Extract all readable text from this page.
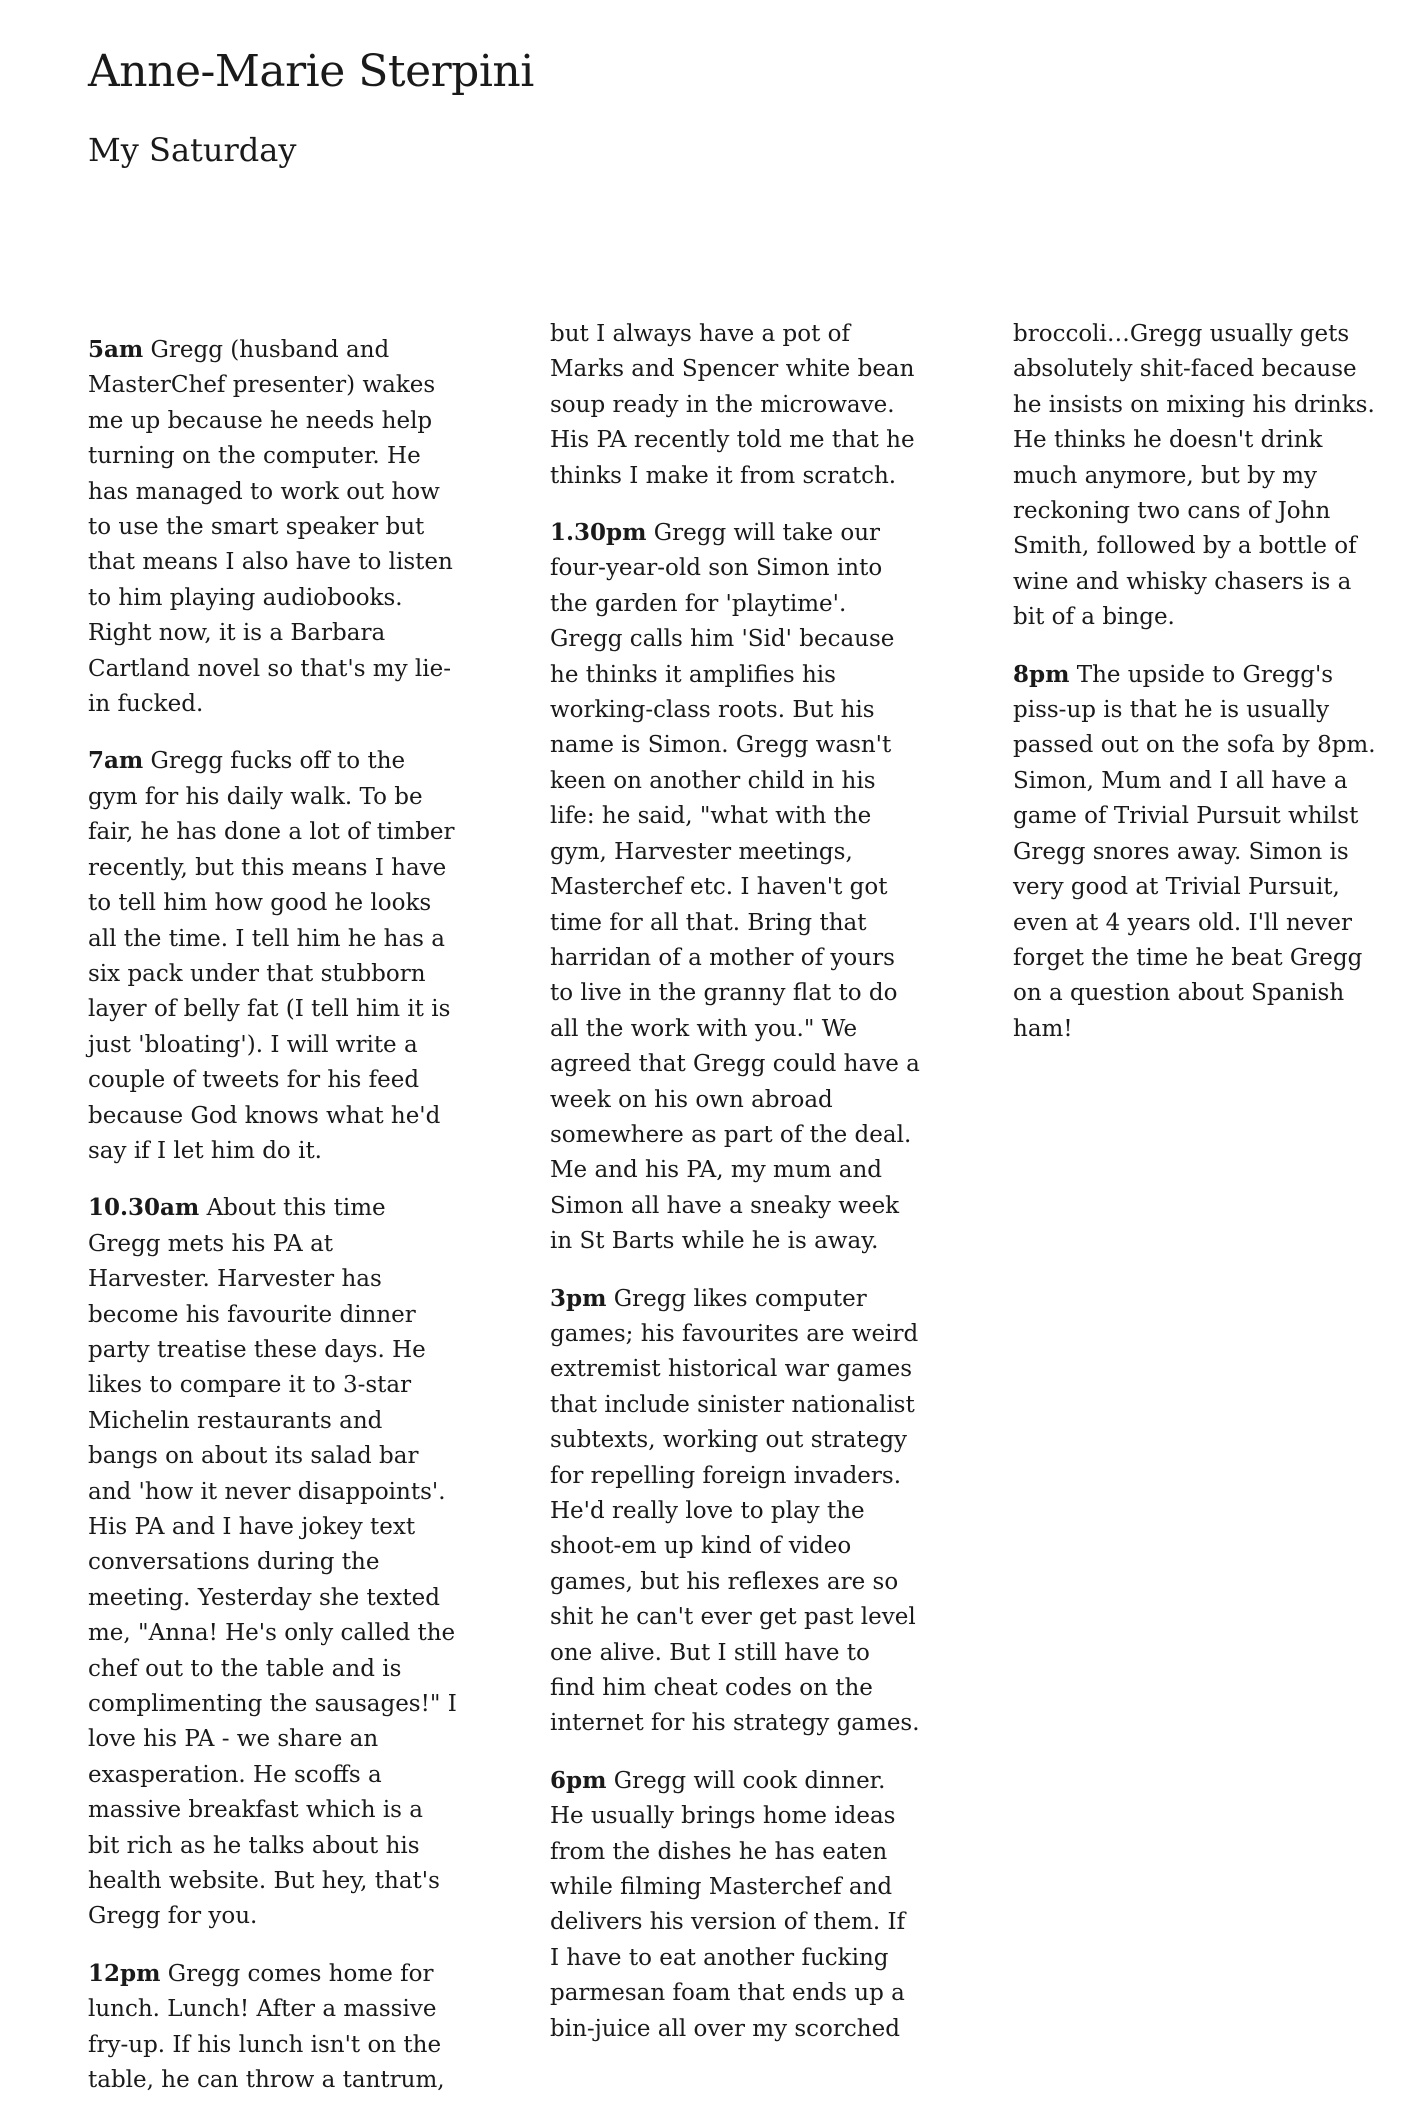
Anne-Marie Sterpini
My Saturday

5am Gregg (husband and MasterChef presenter) wakes me up because he needs help turning on the computer. He has managed to work out how to use the smart speaker but that means I also have to listen to him playing audiobooks. Right now, it is a Barbara Cartland novel so that's my lie-in fucked.

7am Gregg fucks off to the gym for his daily walk. To be fair, he has done a lot of timber recently, but this means I have to tell him how good he looks all the time. I tell him he has a six pack under that stubborn layer of belly fat (I tell him it is just 'bloating'). I will write a couple of tweets for his feed because God knows what he'd say if I let him do it.

10.30am About this time Gregg mets his PA at Harvester. Harvester has become his favourite dinner party treatise these days. He likes to compare it to 3-star Michelin restaurants and bangs on about its salad bar and 'how it never disappoints'. His PA and I have jokey text conversations during the meeting. Yesterday she texted me, "Anna! He's only called the chef out to the table and is complimenting the sausages!" I love his PA - we share an exasperation. He scoffs a massive breakfast which is a bit rich as he talks about his health website. But hey, that's Gregg for you.

12pm Gregg comes home for lunch. Lunch! After a massive fry-up. If his lunch isn't on the table, he can throw a tantrum,

but I always have a pot of Marks and Spencer white bean soup ready in the microwave. His PA recently told me that he thinks I make it from scratch.

1.30pm Gregg will take our four-year-old son Simon into the garden for 'playtime'. Gregg calls him 'Sid' because he thinks it amplifies his working-class roots. But his name is Simon. Gregg wasn't keen on another child in his life: he said, "what with the gym, Harvester meetings, Masterchef etc. I haven't got time for all that. Bring that harridan of a mother of yours to live in the granny flat to do all the work with you." We agreed that Gregg could have a week on his own abroad somewhere as part of the deal. Me and his PA, my mum and Simon all have a sneaky week in St Barts while he is away.

3pm Gregg likes computer games; his favourites are weird extremist historical war games that include sinister nationalist subtexts, working out strategy for repelling foreign invaders. He'd really love to play the shoot-em up kind of video games, but his reflexes are so shit he can't ever get past level one alive. But I still have to find him cheat codes on the internet for his strategy games.

6pm Gregg will cook dinner. He usually brings home ideas from the dishes he has eaten while filming Masterchef and delivers his version of them. If I have to eat another fucking parmesan foam that ends up a bin-juice all over my scorched

broccoli…Gregg usually gets absolutely shit-faced because he insists on mixing his drinks. He thinks he doesn't drink much anymore, but by my reckoning two cans of John Smith, followed by a bottle of wine and whisky chasers is a bit of a binge.

8pm The upside to Gregg's piss-up is that he is usually passed out on the sofa by 8pm. Simon, Mum and I all have a game of Trivial Pursuit whilst Gregg snores away. Simon is very good at Trivial Pursuit, even at 4 years old. I'll never forget the time he beat Gregg on a question about Spanish ham!
